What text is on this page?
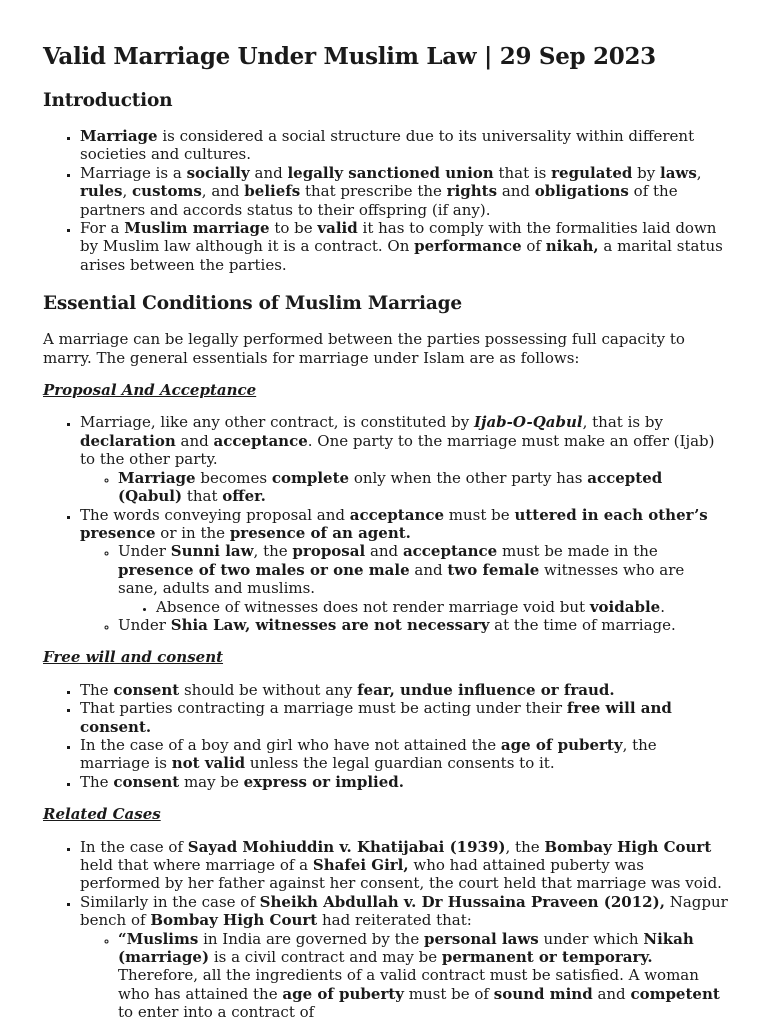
Valid Marriage Under Muslim Law | 29 Sep 2023
Introduction
▪ Marriage is considered a social structure due to its universality within different societies and cultures.
▪ Marriage is a socially and legally sanctioned union that is regulated by laws, rules, customs, and beliefs that prescribe the rights and obligations of the partners and accords status to their offspring (if any).
▪ For a Muslim marriage to be valid it has to comply with the formalities laid down by Muslim law although it is a contract. On performance of nikah, a marital status arises between the parties.
Essential Conditions of Muslim Marriage

A marriage can be legally performed between the parties possessing full capacity to marry. The general essentials for marriage under Islam are as follows:

Proposal And Acceptance

▪ Marriage, like any other contract, is constituted by Ijab-O-Qabul, that is by declaration and acceptance. One party to the marriage must make an offer (Ijab) to the other party.
◦ Marriage becomes complete only when the other party has accepted (Qabul) that offer.
▪ The words conveying proposal and acceptance must be uttered in each other’s presence or in the presence of an agent.
◦ Under Sunni law, the proposal and acceptance must be made in the presence of two males or one male and two female witnesses who are sane, adults and muslims.
• Absence of witnesses does not render marriage void but voidable.
◦ Under Shia Law, witnesses are not necessary at the time of marriage.

Free will and consent

▪ The consent should be without any fear, undue influence or fraud.
▪ That parties contracting a marriage must be acting under their free will and consent.
▪ In the case of a boy and girl who have not attained the age of puberty, the marriage is not valid unless the legal guardian consents to it.
▪ The consent may be express or implied.

Related Cases

▪ In the case of Sayad Mohiuddin v. Khatijabai (1939), the Bombay High Court held that where marriage of a Shafei Girl, who had attained puberty was performed by her father against her consent, the court held that marriage was void.
▪ Similarly in the case of Sheikh Abdullah v. Dr Hussaina Praveen (2012), Nagpur bench of Bombay High Court had reiterated that:
◦ “Muslims in India are governed by the personal laws under which Nikah (marriage) is a civil contract and may be permanent or temporary. Therefore, all the ingredients of a valid contract must be satisfied. A woman who has attained the age of puberty must be of sound mind and competent to enter into a contract of
